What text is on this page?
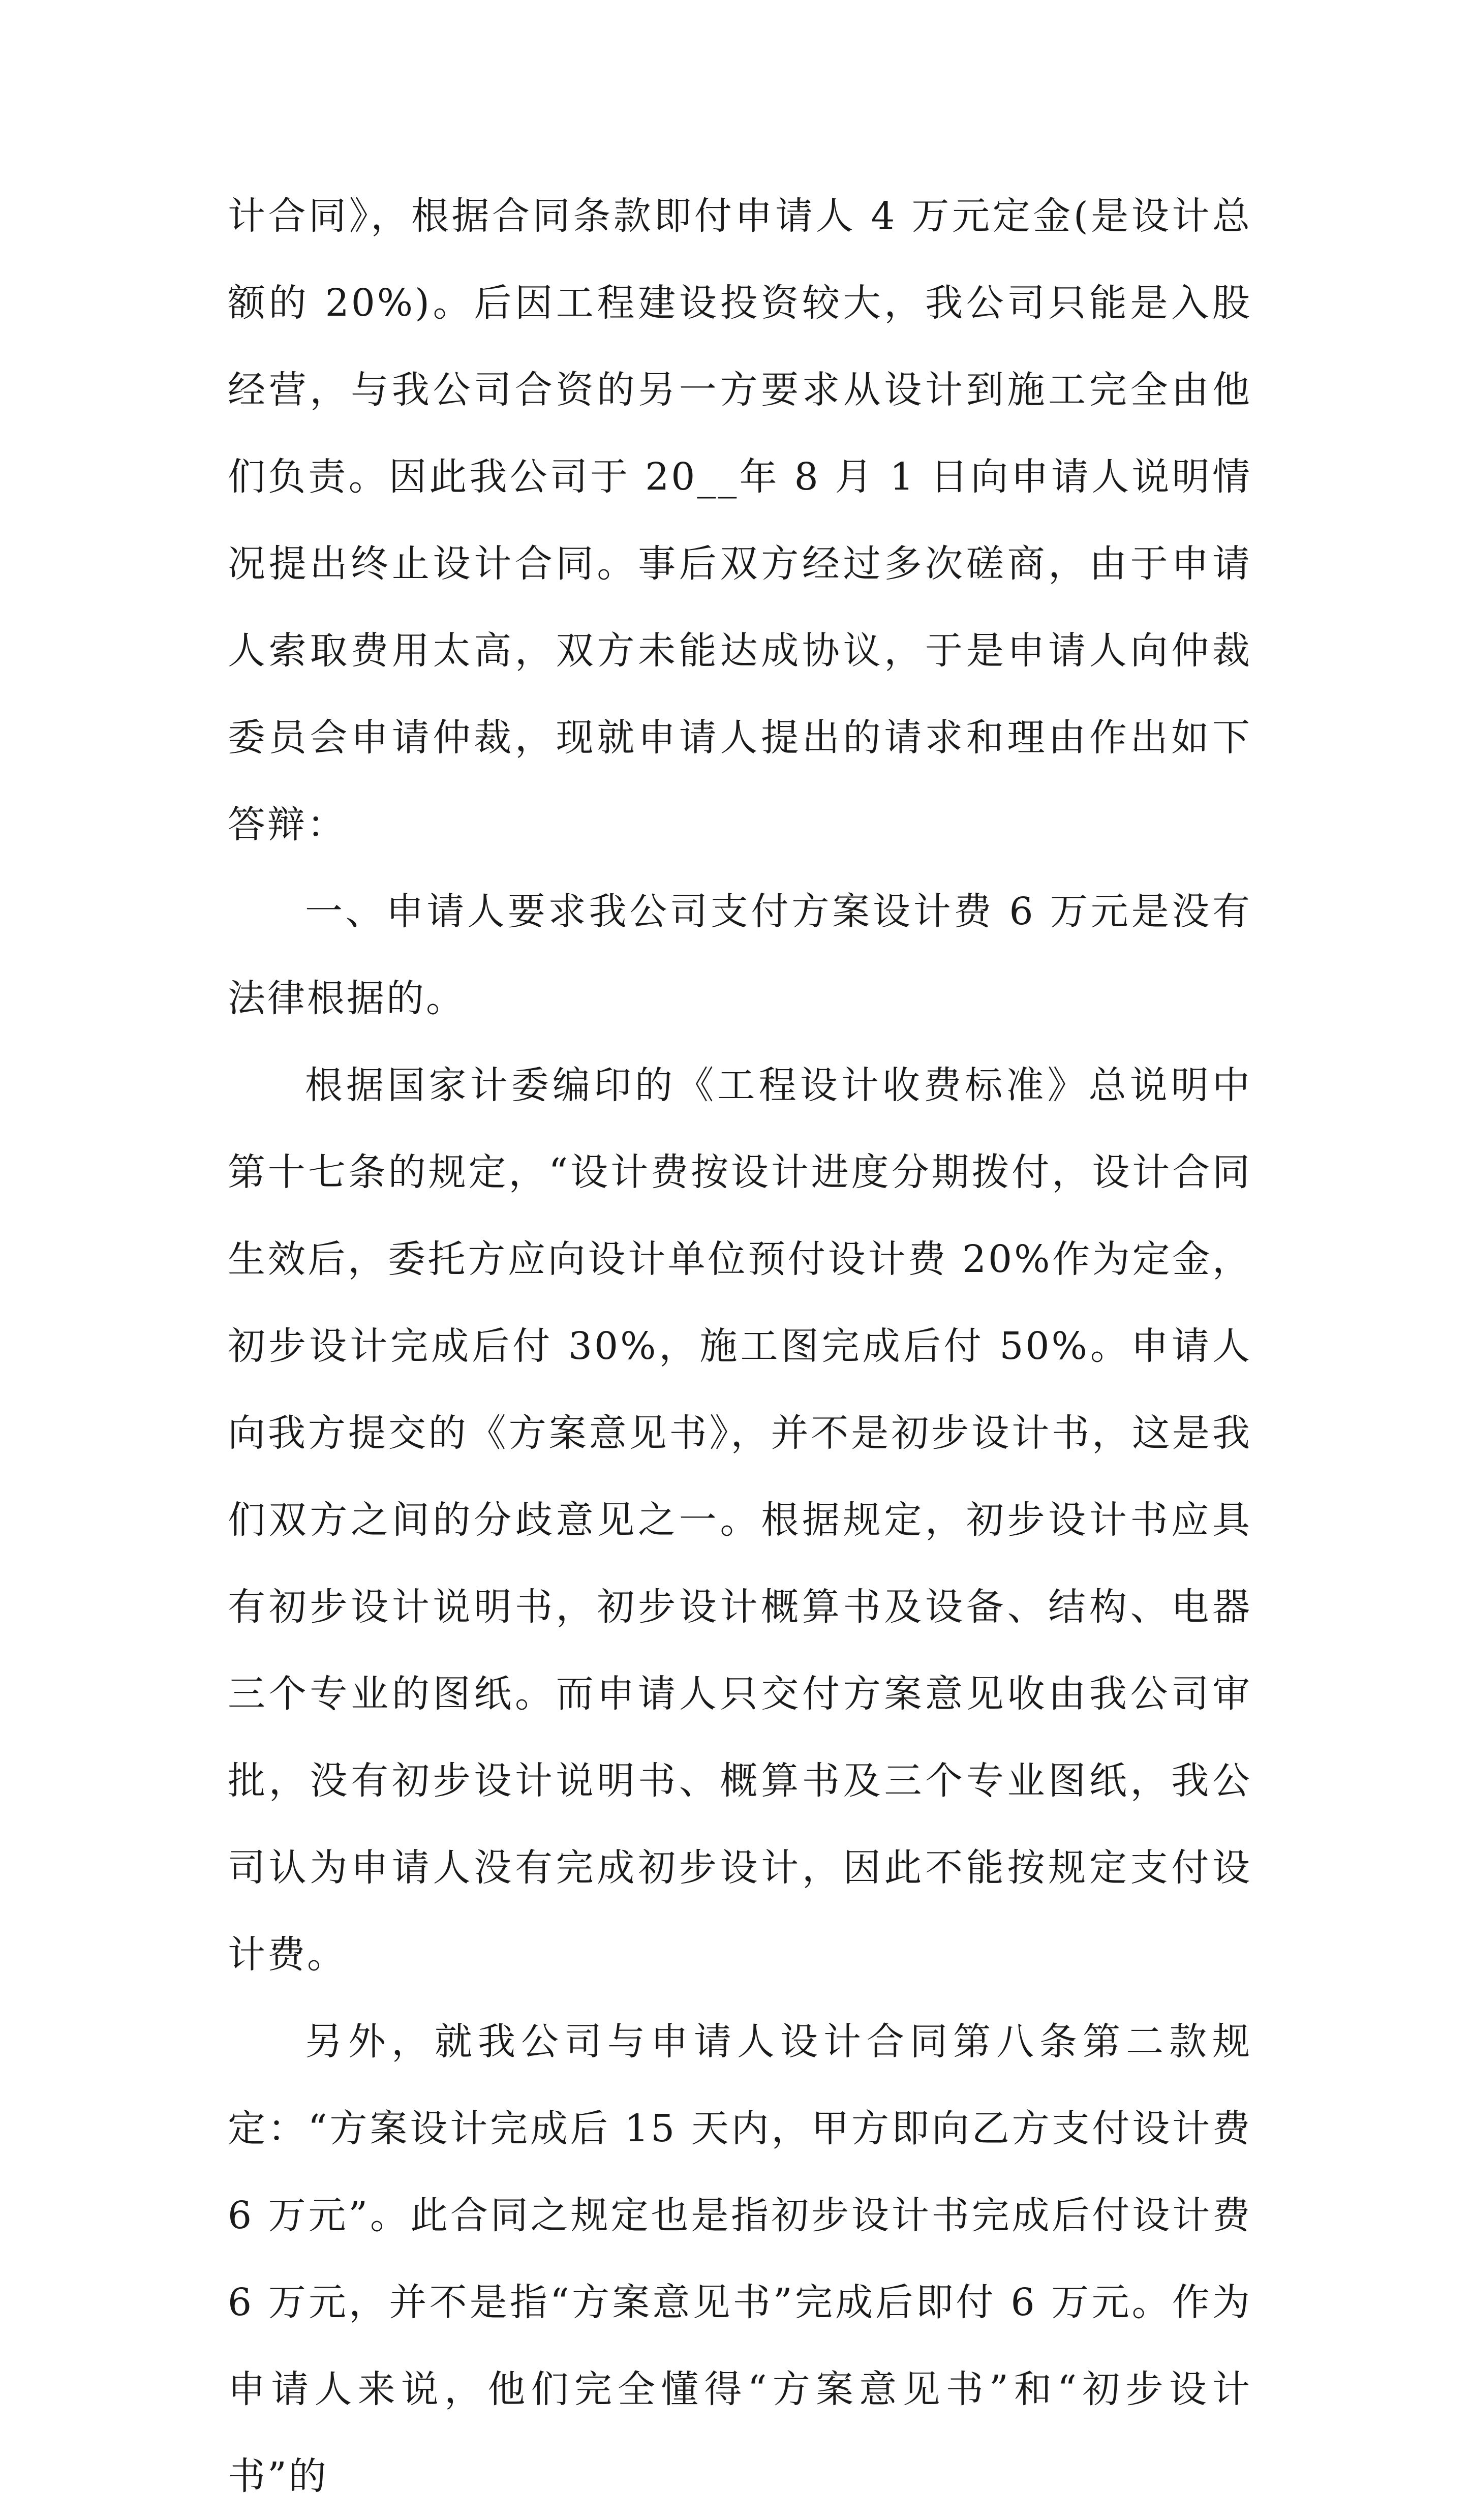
计合同》，根据合同条款即付申请人 4 万元定金(是设计总额的 20%)。后因工程建设投资较大，我公司只能是入股经营，与我公司合资的另一方要求从设计到施工完全由他们负责。因此我公司于 20__年 8 月 1 日向申请人说明情况提出终止设计合同。事后双方经过多次磋商，由于申请人索取费用太高，双方未能达成协议，于是申请人向仲裁委员会申请仲裁，现就申请人提出的请求和理由作出如下答辩：

一、申请人要求我公司支付方案设计费 6 万元是没有法律根据的。

根据国家计委编印的《工程设计收费标准》总说明中第十七条的规定，“设计费按设计进度分期拨付，设计合同生效后，委托方应向设计单位预付设计费 20%作为定金，初步设计完成后付 30%，施工图完成后付 50%。申请人向我方提交的《方案意见书》，并不是初步设计书，这是我们双方之间的分歧意见之一。根据规定，初步设计书应具有初步设计说明书，初步设计概算书及设备、结构、电器三个专业的图纸。而申请人只交付方案意见收由我公司审批，没有初步设计说明书、概算书及三个专业图纸，我公司认为申请人没有完成初步设计，因此不能按规定支付设计费。

另外，就我公司与申请人设计合同第八条第二款规定：“方案设计完成后 15 天内，甲方即向乙方支付设计费 6 万元”。此合同之规定也是指初步设计书完成后付设计费 6 万元，并不是指“方案意见书”完成后即付 6 万元。作为申请人来说，他们完全懂得“方案意见书”和“初步设计书”的
